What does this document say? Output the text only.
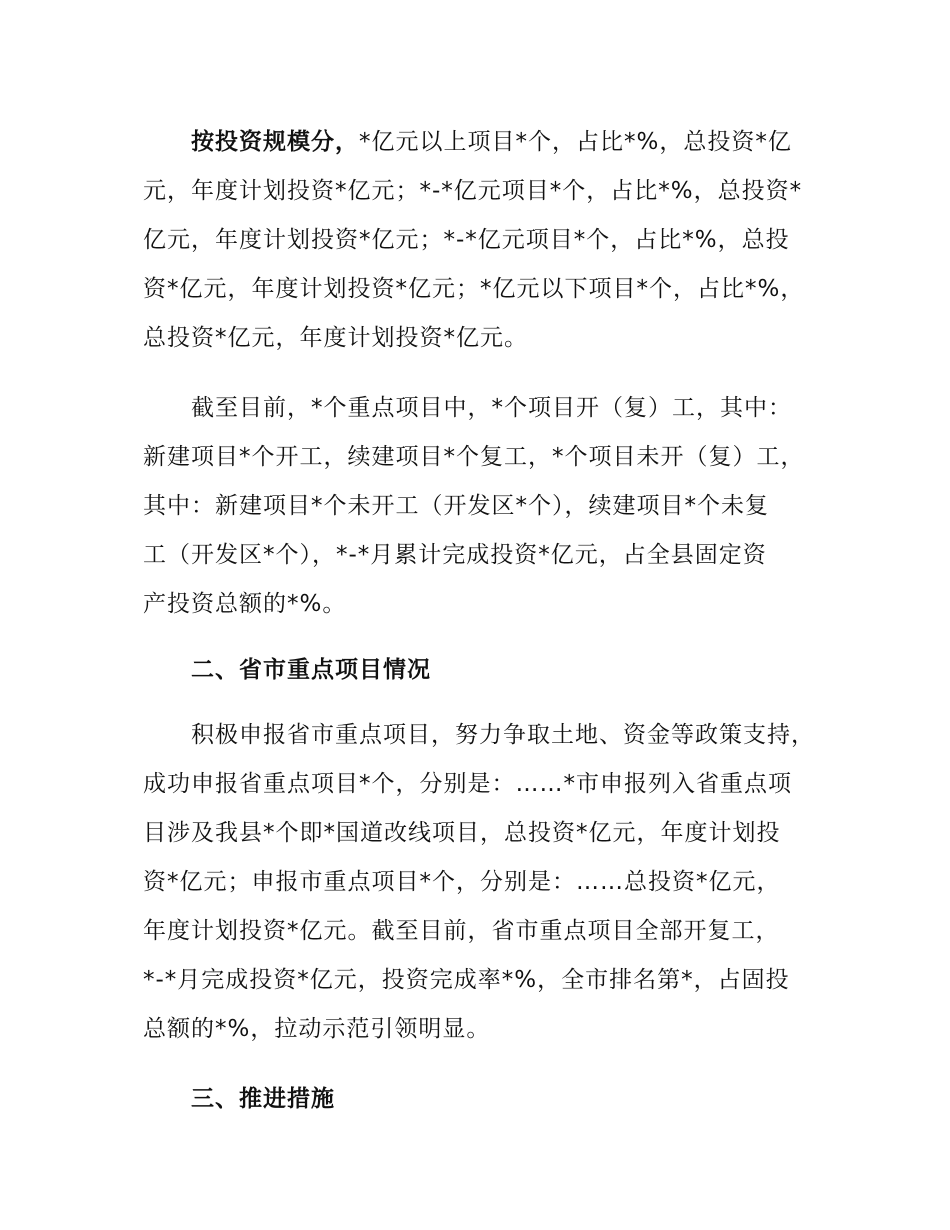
按投资规模分，*亿元以上项目*个，占比*%，总投资*亿
元，年度计划投资*亿元；*-*亿元项目*个，占比*%，总投资*
亿元，年度计划投资*亿元；*-*亿元项目*个，占比*%，总投
资*亿元，年度计划投资*亿元；*亿元以下项目*个，占比*%，
总投资*亿元，年度计划投资*亿元。
截至目前，*个重点项目中，*个项目开（复）工，其中：
新建项目*个开工，续建项目*个复工，*个项目未开（复）工，
其中：新建项目*个未开工（开发区*个），续建项目*个未复
工（开发区*个），*-*月累计完成投资*亿元，占全县固定资
产投资总额的*%。
二、省市重点项目情况
积极申报省市重点项目，努力争取土地、资金等政策支持，
成功申报省重点项目*个，分别是：……*市申报列入省重点项
目涉及我县*个即*国道改线项目，总投资*亿元，年度计划投
资*亿元；申报市重点项目*个，分别是：……总投资*亿元，
年度计划投资*亿元。截至目前，省市重点项目全部开复工，
*-*月完成投资*亿元，投资完成率*%，全市排名第*，占固投
总额的*%，拉动示范引领明显。
三、推进措施
